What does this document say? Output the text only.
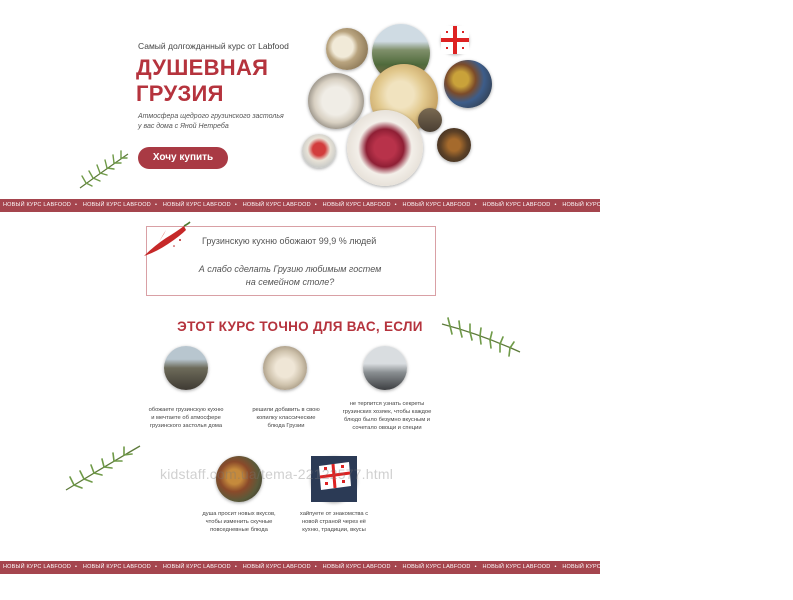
Самый долгожданный курс от Labfood
ДУШЕВНАЯ
ГРУЗИЯ
Атмосфера щедрого грузинского застолья
у вас дома с Яной Нетреба
Хочу купить
НОВЫЙ КУРС LABFOOD • НОВЫЙ КУРС LABFOOD • НОВЫЙ КУРС LABFOOD • НОВЫЙ КУРС LABFOOD • НОВЫЙ КУРС LABFOOD • НОВЫЙ КУРС LABFOOD • НОВЫЙ КУРС LABFOOD • НОВЫЙ КУРС LABFOOD • НОВЫЙ КУРС LABFOOD • НОВЫЙ КУРС LABFOOD
Грузинскую кухню обожают 99,9 % людей
А слабо сделать Грузию любимым гостем
на семейном столе?
ЭТОТ КУРС ТОЧНО ДЛЯ ВАС, ЕСЛИ
обожаете грузинскую кухню
и мечтаете об атмосфере
грузинского застолья дома
решили добавить в свою
копилку классические
блюда Грузии
не терпится узнать секреты
грузинских хозяек, чтобы каждое
блюдо было безумно вкусным и
сочетало овощи и специи
душа просит новых вкусов,
чтобы изменить скучные
повседневные блюда
хайпуете от знакомства с
новой страной через её
кухню, традиции, вкусы
kidstaff.com.ua/tema-22122577.html
НОВЫЙ КУРС LABFOOD • НОВЫЙ КУРС LABFOOD • НОВЫЙ КУРС LABFOOD • НОВЫЙ КУРС LABFOOD • НОВЫЙ КУРС LABFOOD • НОВЫЙ КУРС LABFOOD • НОВЫЙ КУРС LABFOOD • НОВЫЙ КУРС LABFOOD • НОВЫЙ КУРС LABFOOD • НОВЫЙ КУРС LABFOOD
